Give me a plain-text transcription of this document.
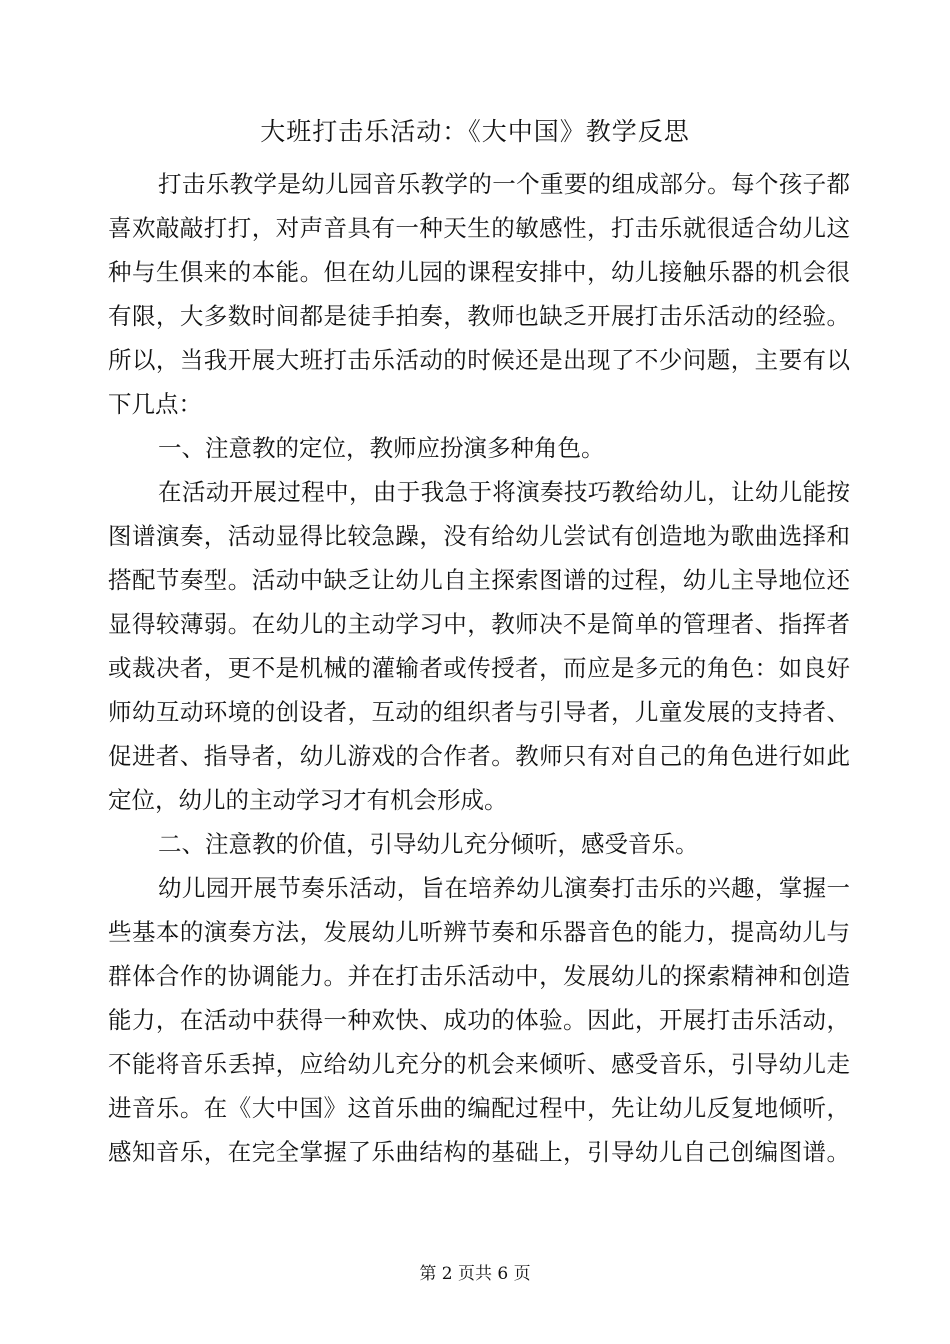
大班打击乐活动：《大中国》教学反思
打击乐教学是幼儿园音乐教学的一个重要的组成部分。每个孩子都
喜欢敲敲打打，对声音具有一种天生的敏感性，打击乐就很适合幼儿这
种与生俱来的本能。但在幼儿园的课程安排中，幼儿接触乐器的机会很
有限，大多数时间都是徒手拍奏，教师也缺乏开展打击乐活动的经验。
所以，当我开展大班打击乐活动的时候还是出现了不少问题，主要有以
下几点：
一、注意教的定位，教师应扮演多种角色。
在活动开展过程中，由于我急于将演奏技巧教给幼儿，让幼儿能按
图谱演奏，活动显得比较急躁，没有给幼儿尝试有创造地为歌曲选择和
搭配节奏型。活动中缺乏让幼儿自主探索图谱的过程，幼儿主导地位还
显得较薄弱。在幼儿的主动学习中，教师决不是简单的管理者、指挥者
或裁决者，更不是机械的灌输者或传授者，而应是多元的角色：如良好
师幼互动环境的创设者，互动的组织者与引导者，儿童发展的支持者、
促进者、指导者，幼儿游戏的合作者。教师只有对自己的角色进行如此
定位，幼儿的主动学习才有机会形成。
二、注意教的价值，引导幼儿充分倾听，感受音乐。
幼儿园开展节奏乐活动，旨在培养幼儿演奏打击乐的兴趣，掌握一
些基本的演奏方法，发展幼儿听辨节奏和乐器音色的能力，提高幼儿与
群体合作的协调能力。并在打击乐活动中，发展幼儿的探索精神和创造
能力，在活动中获得一种欢快、成功的体验。因此，开展打击乐活动，
不能将音乐丢掉，应给幼儿充分的机会来倾听、感受音乐，引导幼儿走
进音乐。在《大中国》这首乐曲的编配过程中，先让幼儿反复地倾听，
感知音乐，在完全掌握了乐曲结构的基础上，引导幼儿自己创编图谱。
第 2 页共 6 页
